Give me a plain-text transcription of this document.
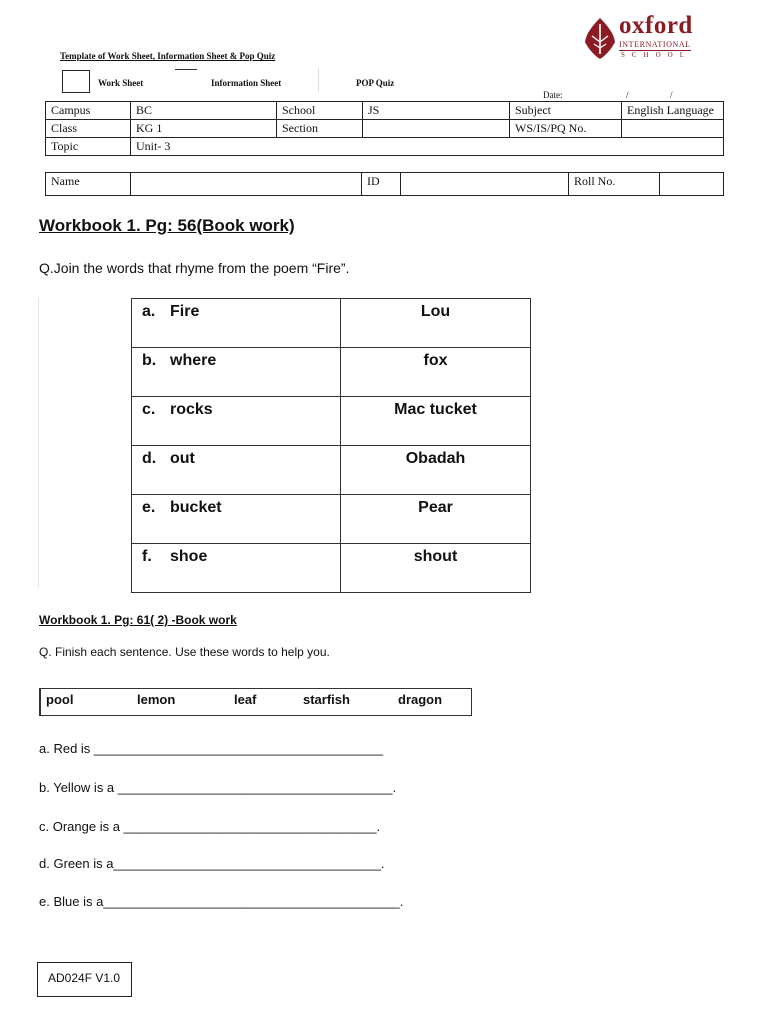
oxford
INTERNATIONAL
SCHOOL
Template of Work Sheet, Information Sheet & Pop Quiz
Work Sheet	Information Sheet	POP Quiz
Date:	/	/
Campus	BC	School	JS	Subject	English Language
Class	KG 1	Section		WS/IS/PQ No.	
Topic	Unit- 3				
Name		ID		Roll No.	
Workbook 1. Pg: 56(Book work)
Q.Join the words that rhyme from the poem “Fire”.
a. Fire	Lou
b. where	fox
c. rocks	Mac tucket
d. out	Obadah
e. bucket	Pear
f. shoe	shout
Workbook 1. Pg: 61( 2) -Book work
Q. Finish each sentence. Use these words to help you.
pool	lemon	leaf	starfish	dragon
a. Red is ________________________________________
b. Yellow is a ______________________________________.
c. Orange is a ___________________________________.
d. Green is a_____________________________________.
e. Blue is a_________________________________________.
AD024F V1.0
